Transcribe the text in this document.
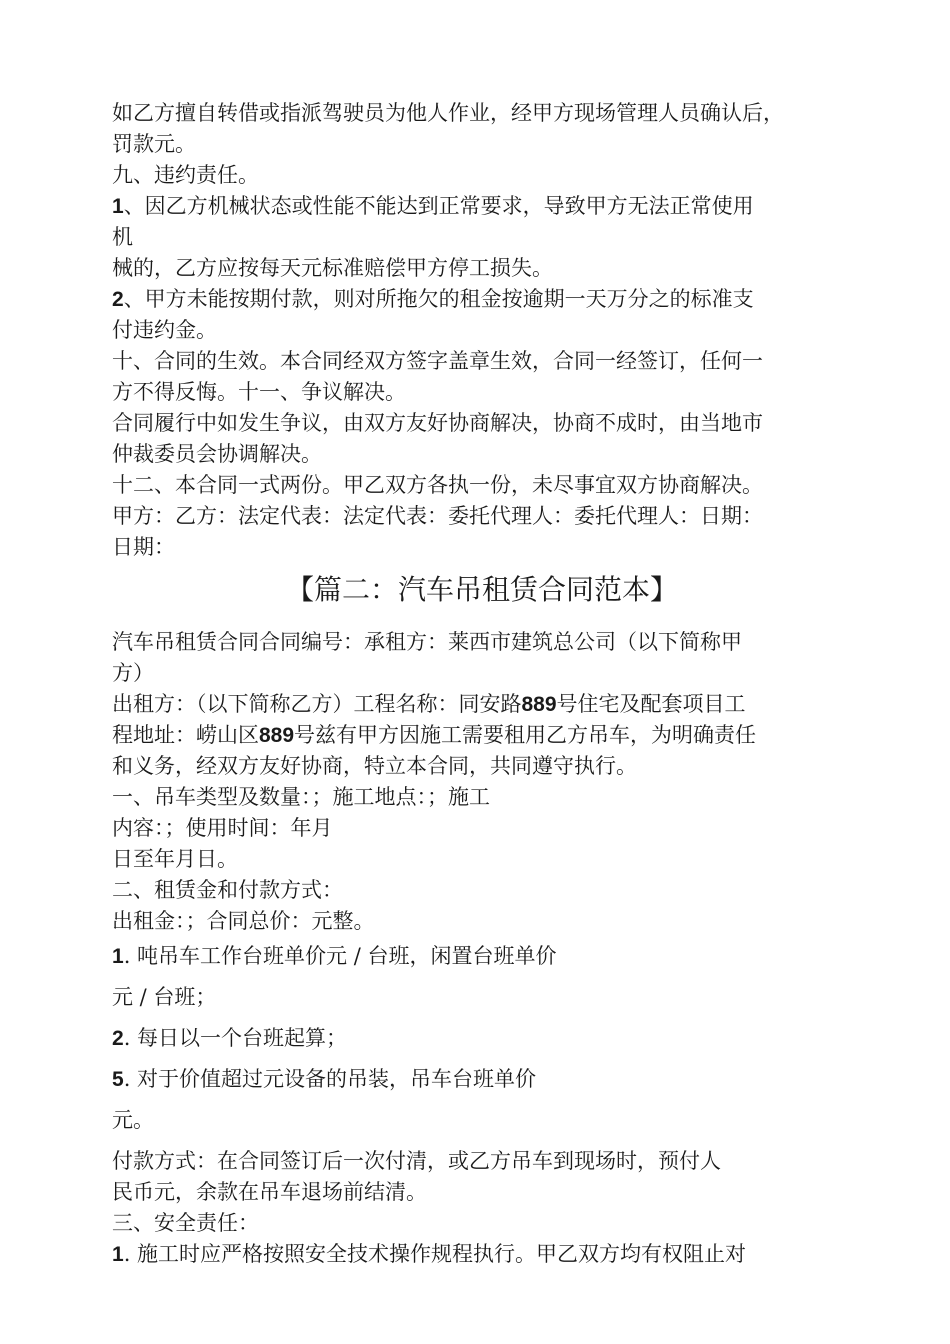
如乙方擅自转借或指派驾驶员为他人作业，经甲方现场管理人员确认后，
罚款元。
九、违约责任。
1、因乙方机械状态或性能不能达到正常要求，导致甲方无法正常使用
机
械的，乙方应按每天元标准赔偿甲方停工损失。
2、甲方未能按期付款，则对所拖欠的租金按逾期一天万分之的标准支
付违约金。
十、合同的生效。本合同经双方签字盖章生效，合同一经签订，任何一
方不得反悔。十一、争议解决。
合同履行中如发生争议，由双方友好协商解决，协商不成时，由当地市
仲裁委员会协调解决。
十二、本合同一式两份。甲乙双方各执一份，未尽事宜双方协商解决。
甲方：乙方：法定代表：法定代表：委托代理人：委托代理人：日期：
日期：
【篇二：汽车吊租赁合同范本】
汽车吊租赁合同合同编号：承租方：莱西市建筑总公司（以下简称甲
方）
出租方：（以下简称乙方）工程名称：同安路889号住宅及配套项目工
程地址：崂山区889号兹有甲方因施工需要租用乙方吊车，为明确责任
和义务，经双方友好协商，特立本合同，共同遵守执行。
一、吊车类型及数量：；施工地点：；施工
内容：；使用时间：年月
日至年月日。
二、租赁金和付款方式：
出租金：；合同总价：元整。
1. 吨吊车工作台班单价元 / 台班，闲置台班单价
元 / 台班；
2. 每日以一个台班起算；
5. 对于价值超过元设备的吊装，吊车台班单价
元。
付款方式：在合同签订后一次付清，或乙方吊车到现场时，预付人
民币元，余款在吊车退场前结清。
三、安全责任：
1. 施工时应严格按照安全技术操作规程执行。甲乙双方均有权阻止对
